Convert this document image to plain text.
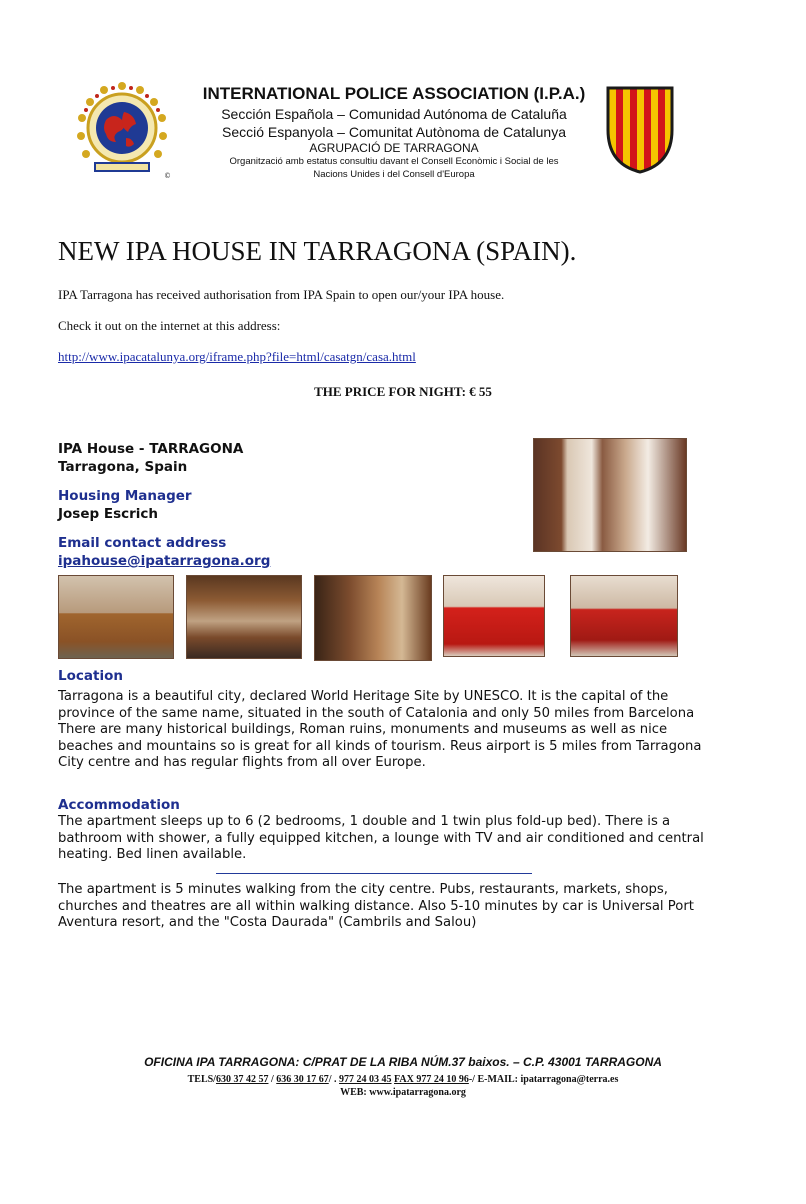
©
INTERNATIONAL POLICE ASSOCIATION (I.P.A.)
Sección Española – Comunidad Autónoma de Cataluña
Secció Espanyola – Comunitat Autònoma de Catalunya
AGRUPACIÓ DE TARRAGONA
Organització amb estatus consultiu davant el Consell Econòmic i Social de les
Nacions Unides i del Consell d'Europa
NEW IPA HOUSE IN TARRAGONA (SPAIN).
IPA Tarragona has received authorisation from IPA Spain to open our/your IPA house.
Check it out on the internet at this address:
http://www.ipacatalunya.org/iframe.php?file=html/casatgn/casa.html
THE PRICE FOR NIGHT: € 55
IPA House - TARRAGONA
Tarragona, Spain
Housing Manager
Josep Escrich
Email contact address
ipahouse@ipatarragona.org
Location
Tarragona is a beautiful city, declared World Heritage Site by UNESCO. It is the capital of the
province of the same name, situated in the south of Catalonia and only 50 miles from Barcelona
There are many historical buildings, Roman ruins, monuments and museums as well as nice
beaches and mountains so is great for all kinds of tourism. Reus airport is 5 miles from Tarragona
City centre and has regular flights from all over Europe.
Accommodation
The apartment sleeps up to 6 (2 bedrooms, 1 double and 1 twin plus fold-up bed). There is a
bathroom with shower, a fully equipped kitchen, a lounge with TV and air conditioned and central
heating. Bed linen available.
The apartment is 5 minutes walking from the city centre. Pubs, restaurants, markets, shops,
churches and theatres are all within walking distance. Also 5-10 minutes by car is Universal Port
Aventura resort, and the "Costa Daurada" (Cambrils and Salou)
OFICINA IPA TARRAGONA: C/PRAT DE LA RIBA NÚM.37 baixos. – C.P. 43001 TARRAGONA
TELS/630 37 42 57 / 636 30 17 67/ . 977 24 03 45 FAX 977 24 10 96-/ E-MAIL: ipatarragona@terra.es
WEB: www.ipatarragona.org
